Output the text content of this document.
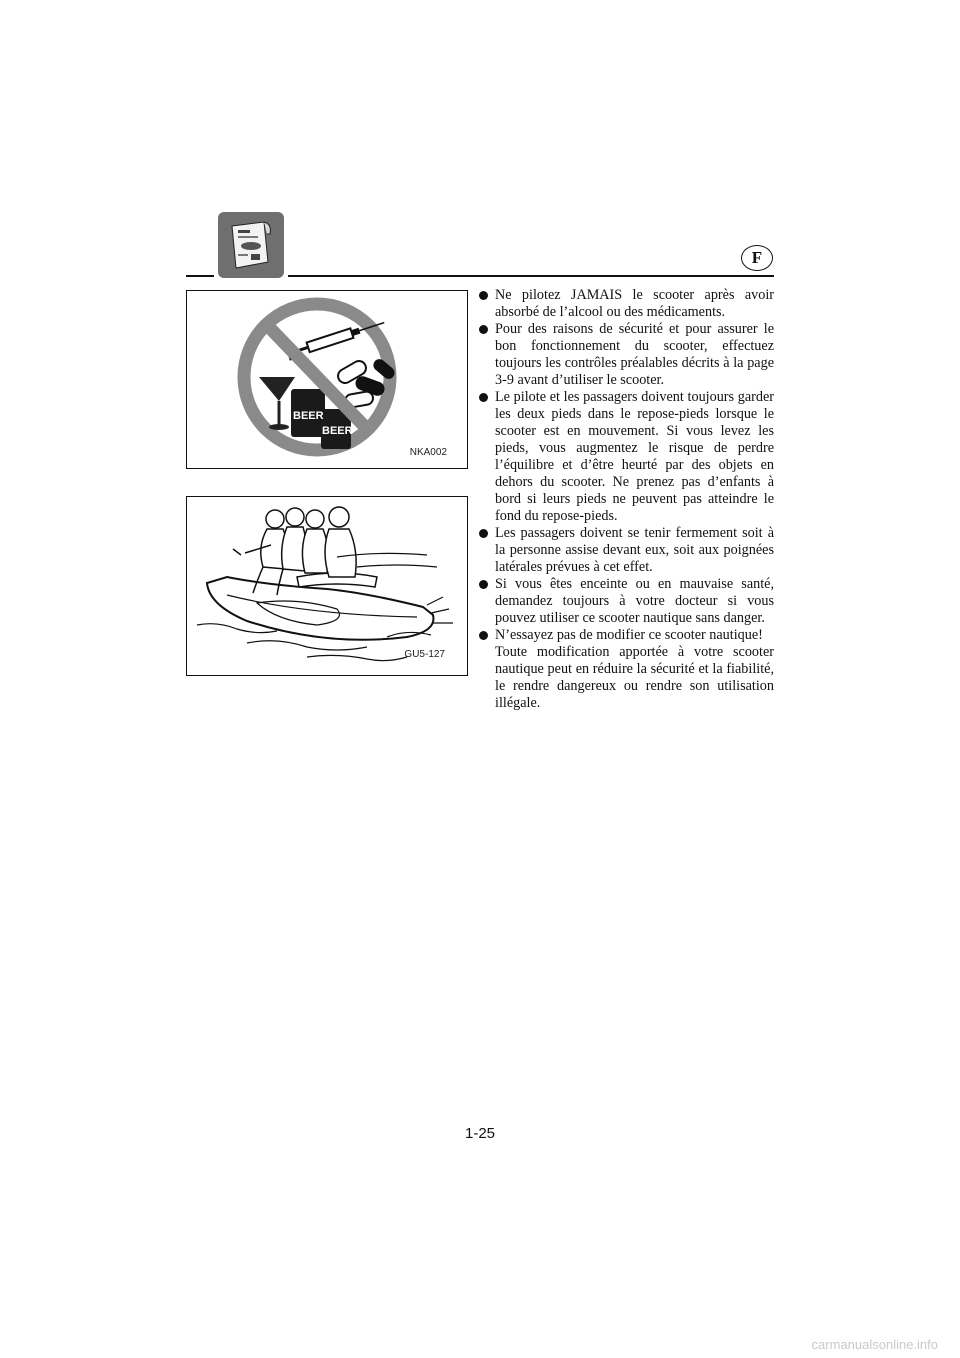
F
BEER
BEER
NKA002
GU5-127

Ne pilotez JAMAIS le scooter après avoir absorbé de l’alcool ou des médicaments.

Pour des raisons de sécurité et pour assurer le bon fonctionnement du scooter, effectuez toujours les contrôles préalables décrits à la page 3-9 avant d’utiliser le scooter.

Le pilote et les passagers doivent toujours garder les deux pieds dans le repose-pieds lorsque le scooter est en mouvement. Si vous levez les pieds, vous augmentez le risque de perdre l’équilibre et d’être heurté par des objets en dehors du scooter. Ne prenez pas d’enfants à bord si leurs pieds ne peuvent pas atteindre le fond du repose-pieds.

Les passagers doivent se tenir fermement soit à la personne assise devant eux, soit aux poignées latérales prévues à cet effet.

Si vous êtes enceinte ou en mauvaise santé, demandez toujours à votre docteur si vous pouvez utiliser ce scooter nautique sans danger.

N’essayez pas de modifier ce scooter nautique!

Toute modification apportée à votre scooter nautique peut en réduire la sécurité et la fiabilité, le rendre dangereux ou rendre son utilisation illégale.

1-25
carmanualsonline.info
